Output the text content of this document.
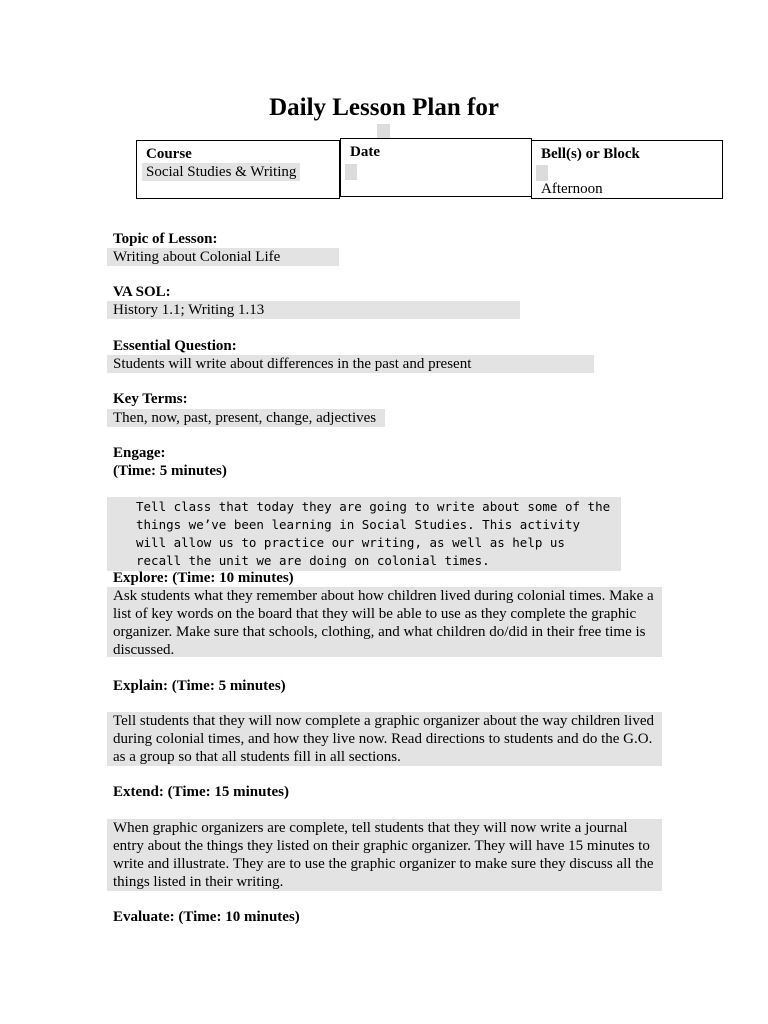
Daily Lesson Plan for
Course
Social Studies & Writing
Date	Bell(s) or Block
Afternoon
Topic of Lesson:
Writing about Colonial Life
VA SOL:
History 1.1; Writing 1.13
Essential Question:
Students will write about differences in the past and present
Key Terms:
Then, now, past, present, change, adjectives
Engage:
(Time: 5 minutes)
Tell class that today they are going to write about some of the things we’ve been learning in Social Studies. This activity will allow us to practice our writing, as well as help us recall the unit we are doing on colonial times.
Explore: (Time: 10 minutes)
Ask students what they remember about how children lived during colonial times. Make a list of key words on the board that they will be able to use as they complete the graphic organizer. Make sure that schools, clothing, and what children do/did in their free time is discussed.
Explain: (Time: 5 minutes)
Tell students that they will now complete a graphic organizer about the way children lived during colonial times, and how they live now. Read directions to students and do the G.O. as a group so that all students fill in all sections.
Extend: (Time: 15 minutes)
When graphic organizers are complete, tell students that they will now write a journal entry about the things they listed on their graphic organizer. They will have 15 minutes to write and illustrate. They are to use the graphic organizer to make sure they discuss all the things listed in their writing.
Evaluate: (Time: 10 minutes)
